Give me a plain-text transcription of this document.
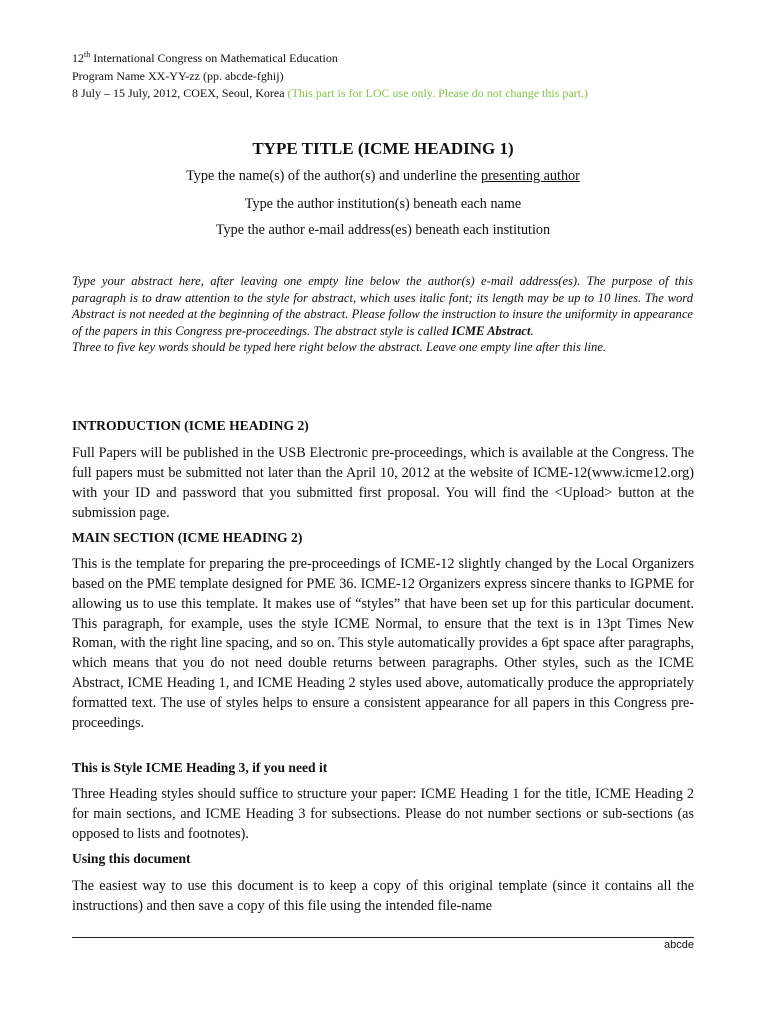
12th International Congress on Mathematical Education
Program Name XX-YY-zz (pp. abcde-fghij)
8 July – 15 July, 2012, COEX, Seoul, Korea (This part is for LOC use only. Please do not change this part.)
TYPE TITLE (ICME HEADING 1)
Type the name(s) of the author(s) and underline the presenting author
Type the author institution(s) beneath each name
Type the author e-mail address(es) beneath each institution

Type your abstract here, after leaving one empty line below the author(s) e-mail address(es). The purpose of this paragraph is to draw attention to the style for abstract, which uses italic font; its length may be up to 10 lines. The word Abstract is not needed at the beginning of the abstract. Please follow the instruction to insure the uniformity in appearance of the papers in this Congress pre-proceedings. The abstract style is called ICME Abstract.

Three to five key words should be typed here right below the abstract. Leave one empty line after this line.

INTRODUCTION (ICME HEADING 2)
Full Papers will be published in the USB Electronic pre-proceedings, which is available at the Congress. The full papers must be submitted not later than the April 10, 2012 at the website of ICME-12(www.icme12.org) with your ID and password that you submitted first proposal. You will find the <Upload> button at the submission page.
MAIN SECTION (ICME HEADING 2)
This is the template for preparing the pre-proceedings of ICME-12 slightly changed by the Local Organizers based on the PME template designed for PME 36. ICME-12 Organizers express sincere thanks to IGPME for allowing us to use this template. It makes use of “styles” that have been set up for this particular document. This paragraph, for example, uses the style ICME Normal, to ensure that the text is in 13pt Times New Roman, with the right line spacing, and so on. This style automatically provides a 6pt space after paragraphs, which means that you do not need double returns between paragraphs. Other styles, such as the ICME Abstract, ICME Heading 1, and ICME Heading 2 styles used above, automatically produce the appropriately formatted text. The use of styles helps to ensure a consistent appearance for all papers in this Congress pre-proceedings.
This is Style ICME Heading 3, if you need it
Three Heading styles should suffice to structure your paper: ICME Heading 1 for the title, ICME Heading 2 for main sections, and ICME Heading 3 for subsections. Please do not number sections or sub-sections (as opposed to lists and footnotes).
Using this document
The easiest way to use this document is to keep a copy of this original template (since it contains all the instructions) and then save a copy of this file using the intended file-name
abcde
